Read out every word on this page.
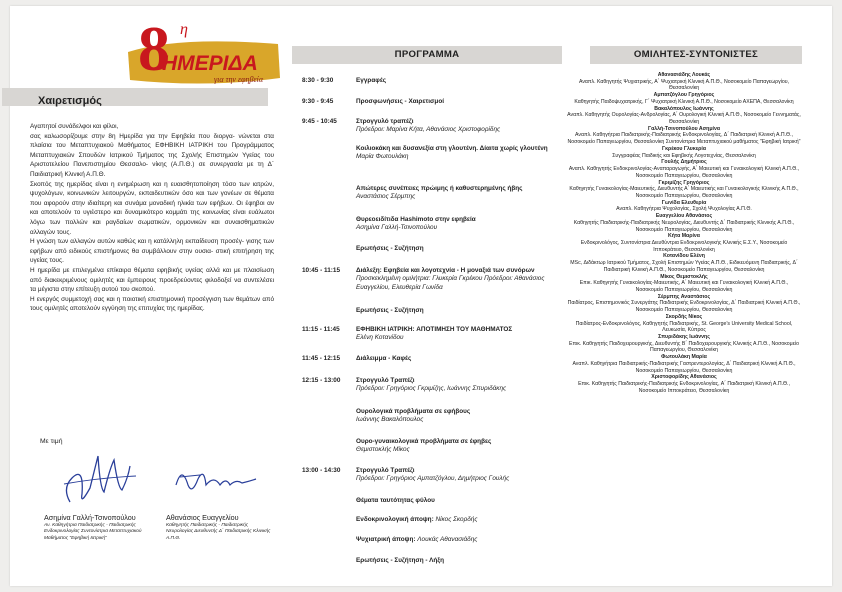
8 η
ΗΜΕΡΙΔΑ
για την εφηβεία
Χαιρετισμός

Αγαπητοί συνάδελφοι και φίλοι,

σας καλωσορίζουμε στην 8η Ημερίδα για την Εφηβεία που διοργα- νώνεται στα πλαίσια του Μεταπτυχιακού Μαθήματος ΕΦΗΒΙΚΗ ΙΑΤΡΙΚΗ του Προγράμματος Μεταπτυχιακών Σπουδών Ιατρικού Τμήματος της Σχολής Επιστημών Υγείας του Αριστοτελείου Πανεπιστημίου Θεσσαλο- νίκης (Α.Π.Θ.) σε συνεργασία με τη Δ΄ Παιδιατρική Κλινική Α.Π.Θ.

Σκοπός της ημερίδας είναι η ενημέρωση και η ευαισθητοποίηση τόσο των ιατρών, ψυχολόγων, κοινωνικών λειτουργών, εκπαιδευτικών όσο και των γονέων σε θέματα που αφορούν στην ιδιαίτερη και συνάμα μοναδική ηλικία των εφήβων. Οι έφηβοι αν και αποτελούν το υγιέστερο και δυναμικότερο κομμάτι της κοινωνίας είναι ευάλωτοι λόγω των πολλών και ραγδαίων σωματικών, ορμονικών και συναισθηματικών αλλαγών τους.

Η γνώση των αλλαγών αυτών καθώς και η κατάλληλη εκπαίδευση προσέγ- γισης των εφήβων από ειδικούς επιστήμονες θα συμβάλλουν στην ουσια- στική επιτήρηση της υγείας τους.

Η ημερίδα με επιλεγμένα επίκαιρα θέματα εφηβικής υγείας αλλά και με πλαισίωση από διακεκριμένους ομιλητές και έμπειρους προεδρεύοντες φιλοδοξεί να συντελέσει τα μέγιστα στην επίτευξη αυτού του σκοπού.

Η ενεργός συμμετοχή σας και η ποιοτική επιστημονική προσέγγιση των θεμάτων από τους ομιλητές αποτελούν εγγύηση της επιτυχίας της ημερίδας.

Με τιμή
Ασημίνα Γαλλή-Τσινοπούλου
Αν. Καθηγήτρια Παιδιατρικής - Παιδιατρικής Ενδοκρινολογίας Συντονίστρια Μεταπτυχιακού Μαθήματος "Εφηβική Ιατρική"
Αθανάσιος Ευαγγελίου
Καθηγητής Παιδιατρικής - Παιδιατρικής Νευρολογίας Διευθυντής Δ΄ Παιδιατρικής Κλινικής Α.Π.Θ.
ΠΡΟΓΡΑΜΜΑ
8:30 - 9:30	Εγγραφές
9:30 - 9:45	Προσφωνήσεις - Χαιρετισμοί
9:45 - 10:45	Στρογγυλό τραπέζι
Πρόεδροι: Μαρίνα Κήτα, Αθανάσιος Χριστοφορίδης
Κοιλιοκάκη και δυσανεξία στη γλουτένη. Δίαιτα χωρίς γλουτένη
Μαρία Φωτουλάκη
Απώτερες συνέπειες πρώιμης ή καθυστερημένης ήβης
Αναστάσιος Σέρμπης
Θυρεοειδίτιδα Hashimoto στην εφηβεία
Ασημίνα Γαλλή-Τσινοπούλου
Ερωτήσεις - Συζήτηση
10:45 - 11:15 Διάλεξη: Εφηβεία και λογοτεχνία - Η μοναξιά των συνόρων
Προσκεκλημένη ομιλήτρια: Γλυκερία Γκρέκου Πρόεδροι: Αθανάσιος Ευαγγελίου, Ελευθερία Γωνίδα
Ερωτήσεις - Συζήτηση
11:15 - 11:45	ΕΦΗΒΙΚΗ ΙΑΤΡΙΚΗ: ΑΠΟΤΙΜΗΣΗ ΤΟΥ ΜΑΘΗΜΑΤΟΣ
Ελένη Κοτανίδου
11:45 - 12:15 Διάλειμμα - Καφές
12:15 - 13:00 Στρογγυλό Τραπέζι
Πρόεδροι: Γρηγόριος Γκριμίζης, Ιωάννης Σπυριδάκης
Ουρολογικά προβλήματα σε εφήβους
Ιωάννης Βακαλόπουλος
Ουρο-γυναικολογικά προβλήματα σε έφηβες
Θεμιστοκλής Μίκος
13:00 - 14:30 Στρογγυλό Τραπέζι
Πρόεδροι: Γρηγόριος Αμπατζόγλου, Δημήτριος Γουλής
Θέματα ταυτότητας φύλου
Ενδοκρινολογική άποψη: Νίκος Σκορδής
Ψυχιατρική άποψη: Λουκάς Αθανασιάδης
Ερωτήσεις - Συζήτηση - Λήξη
ΟΜΙΛΗΤΕΣ-ΣΥΝΤΟΝΙΣΤΕΣ
Αθανασιάδης Λουκάς
Αναπλ. Καθηγητής Ψυχιατρικής, Α΄ Ψυχιατρική Κλινική Α.Π.Θ., Νοσοκομείο Παπαγεωργίου, Θεσσαλονίκη
Αμπατζόγλου Γρηγόριος
Καθηγητής Παιδοψυχιατρικής, Γ΄ Ψυχιατρική Κλινική Α.Π.Θ., Νοσοκομείο ΑΧΕΠΑ, Θεσσαλονίκη
Βακαλόπουλος Ιωάννης
Αναπλ. Καθηγητής Ουρολογίας-Ανδρολογίας, Α΄ Ουρολογική Κλινική Α.Π.Θ., Νοσοκομείο Γεννηματάς, Θεσσαλονίκη
Γαλλή-Τσινοπούλου Ασημίνα
Αναπλ. Καθηγήτρια Παιδιατρικής-Παιδιατρικής Ενδοκρινολογίας, Δ΄ Παιδιατρική Κλινική Α.Π.Θ., Νοσοκομείο Παπαγεωργίου, Θεσσαλονίκη Συντονίστρια Μεταπτυχιακού μαθήματος "Εφηβική Ιατρική"
Γκρέκου Γλυκερία
Συγγραφέας Παιδικής και Εφηβικής Λογοτεχνίας, Θεσσαλονίκη
Γουλής Δημήτριος
Αναπλ. Καθηγητής Ενδοκρινολογίας-Αναπαραγωγής, Α΄ Μαιευτική και Γυναικολογική Κλινική Α.Π.Θ., Νοσοκομείο Παπαγεωργίου, Θεσσαλονίκη
Γκριμίζης Γρηγόριος
Καθηγητής Γυναικολογίας-Μαιευτικής, Διευθυντής Α΄ Μαιευτικής και Γυναικολογικής Κλινικής Α.Π.Θ., Νοσοκομείο Παπαγεωργίου, Θεσσαλονίκη
Γωνίδα Ελευθερία
Αναπλ. Καθηγήτρια Ψυχολογίας, Σχολή Ψυχολογίας Α.Π.Θ.
Ευαγγελίου Αθανάσιος
Καθηγητής Παιδιατρικής-Παιδιατρικής Νευρολογίας, Διευθυντής Δ΄ Παιδιατρικής Κλινικής Α.Π.Θ., Νοσοκομείο Παπαγεωργίου, Θεσσαλονίκη
Κήτα Μαρίνα
Ενδοκρινολόγος, Συντονίστρια Διευθύντρια Ενδοκρινολογικής Κλινικής Ε.Σ.Υ., Νοσοκομείο Ιπποκράτειο, Θεσσαλονίκη
Κοτανίδου Ελένη
MSc, Διδάκτωρ Ιατρικού Τμήματος, Σχολή Επιστημών Υγείας Α.Π.Θ., Ειδικευόμενη Παιδιατρικής, Δ΄ Παιδιατρική Κλινική Α.Π.Θ., Νοσοκομείο Παπαγεωργίου, Θεσσαλονίκη
Μίκος Θεμιστοκλής
Επικ. Καθηγητής Γυναικολογίας-Μαιευτικής, Α΄ Μαιευτική και Γυναικολογική Κλινική Α.Π.Θ., Νοσοκομείο Παπαγεωργίου, Θεσσαλονίκη
Σέρμπης Αναστάσιος
Παιδίατρος, Επιστημονικός Συνεργάτης Παιδιατρικής Ενδοκρινολογίας, Δ΄ Παιδιατρική Κλινική Α.Π.Θ., Νοσοκομείο Παπαγεωργίου, Θεσσαλονίκη
Σκορδής Νίκος
Παιδίατρος-Ενδοκρινολόγος, Καθηγητής Παιδιατρικής, St. George's University Medical School, Λευκωσία, Κύπρος
Σπυριδάκης Ιωάννης
Επικ. Καθηγητής Παιδοχειρουργικής, Διευθυντής Β΄ Παιδοχειρουργικής Κλινικής Α.Π.Θ., Νοσοκομείο Παπαγεωργίου, Θεσσαλονίκη
Φωτουλάκη Μαρία
Αναπλ. Καθηγήτρια Παιδιατρικής-Παιδιατρικής Γαστρεντερολογίας, Δ΄ Παιδιατρική Κλινική Α.Π.Θ., Νοσοκομείο Παπαγεωργίου, Θεσσαλονίκη
Χριστοφορίδης Αθανάσιος
Επικ. Καθηγητής Παιδιατρικής-Παιδιατρικής Ενδοκρινολογίας, Α΄ Παιδιατρική Κλινική Α.Π.Θ., Νοσοκομείο Ιπποκράτειο, Θεσσαλονίκη
